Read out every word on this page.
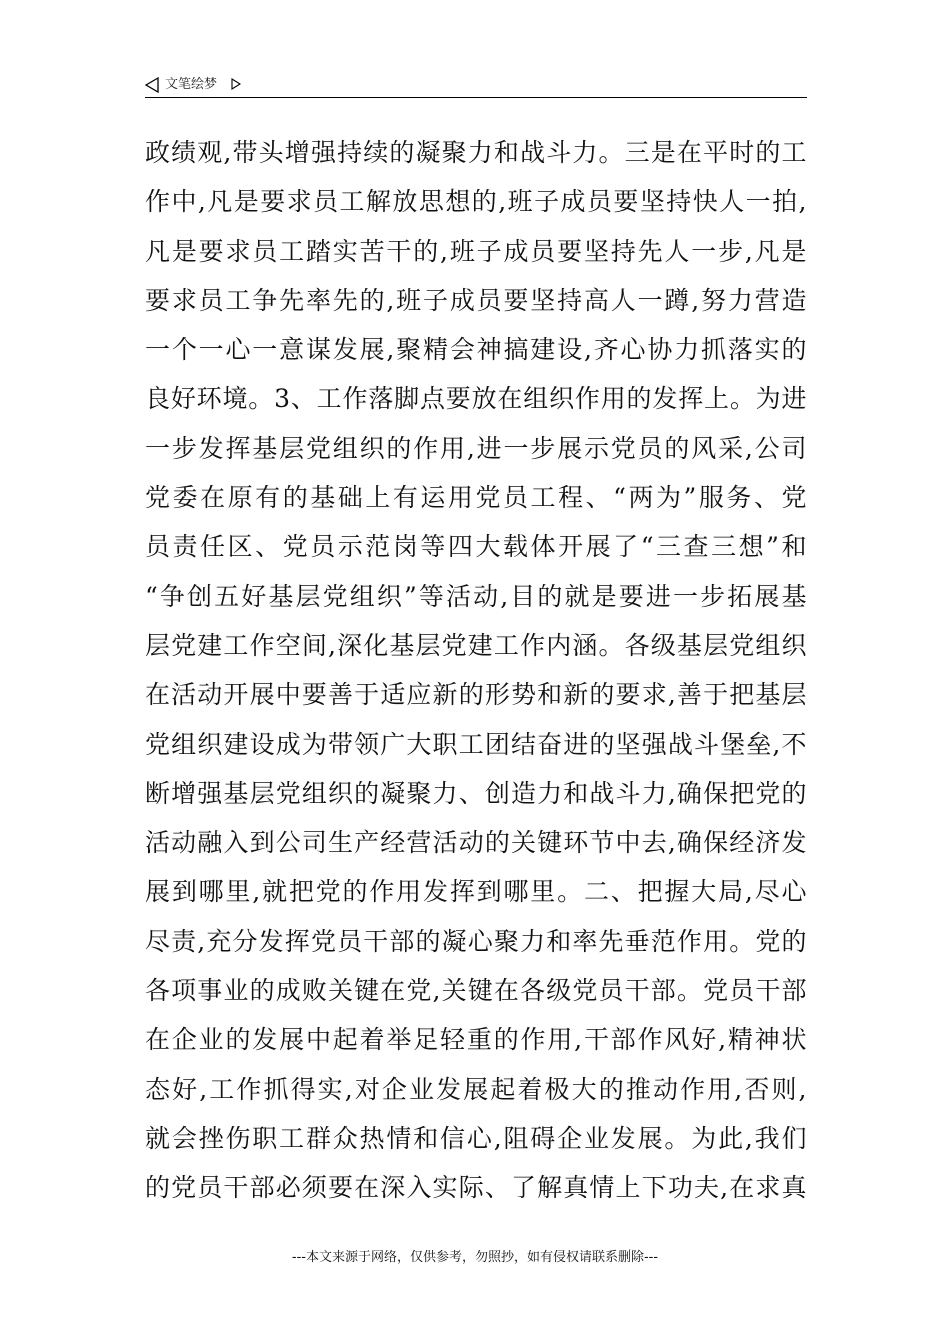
文笔绘梦
政绩观,带头增强持续的凝聚力和战斗力。三是在平时的工
作中,凡是要求员工解放思想的,班子成员要坚持快人一拍,
凡是要求员工踏实苦干的,班子成员要坚持先人一步,凡是
要求员工争先率先的,班子成员要坚持高人一蹲,努力营造
一个一心一意谋发展,聚精会神搞建设,齐心协力抓落实的
良好环境。3、工作落脚点要放在组织作用的发挥上。为进
一步发挥基层党组织的作用,进一步展示党员的风采,公司
党委在原有的基础上有运用党员工程、“两为”服务、党
员责任区、党员示范岗等四大载体开展了“三查三想”和
“争创五好基层党组织”等活动,目的就是要进一步拓展基
层党建工作空间,深化基层党建工作内涵。各级基层党组织
在活动开展中要善于适应新的形势和新的要求,善于把基层
党组织建设成为带领广大职工团结奋进的坚强战斗堡垒,不
断增强基层党组织的凝聚力、创造力和战斗力,确保把党的
活动融入到公司生产经营活动的关键环节中去,确保经济发
展到哪里,就把党的作用发挥到哪里。二、把握大局,尽心
尽责,充分发挥党员干部的凝心聚力和率先垂范作用。党的
各项事业的成败关键在党,关键在各级党员干部。党员干部
在企业的发展中起着举足轻重的作用,干部作风好,精神状
态好,工作抓得实,对企业发展起着极大的推动作用,否则,
就会挫伤职工群众热情和信心,阻碍企业发展。为此,我们
的党员干部必须要在深入实际、了解真情上下功夫,在求真
---本文来源于网络，仅供参考，勿照抄，如有侵权请联系删除---
